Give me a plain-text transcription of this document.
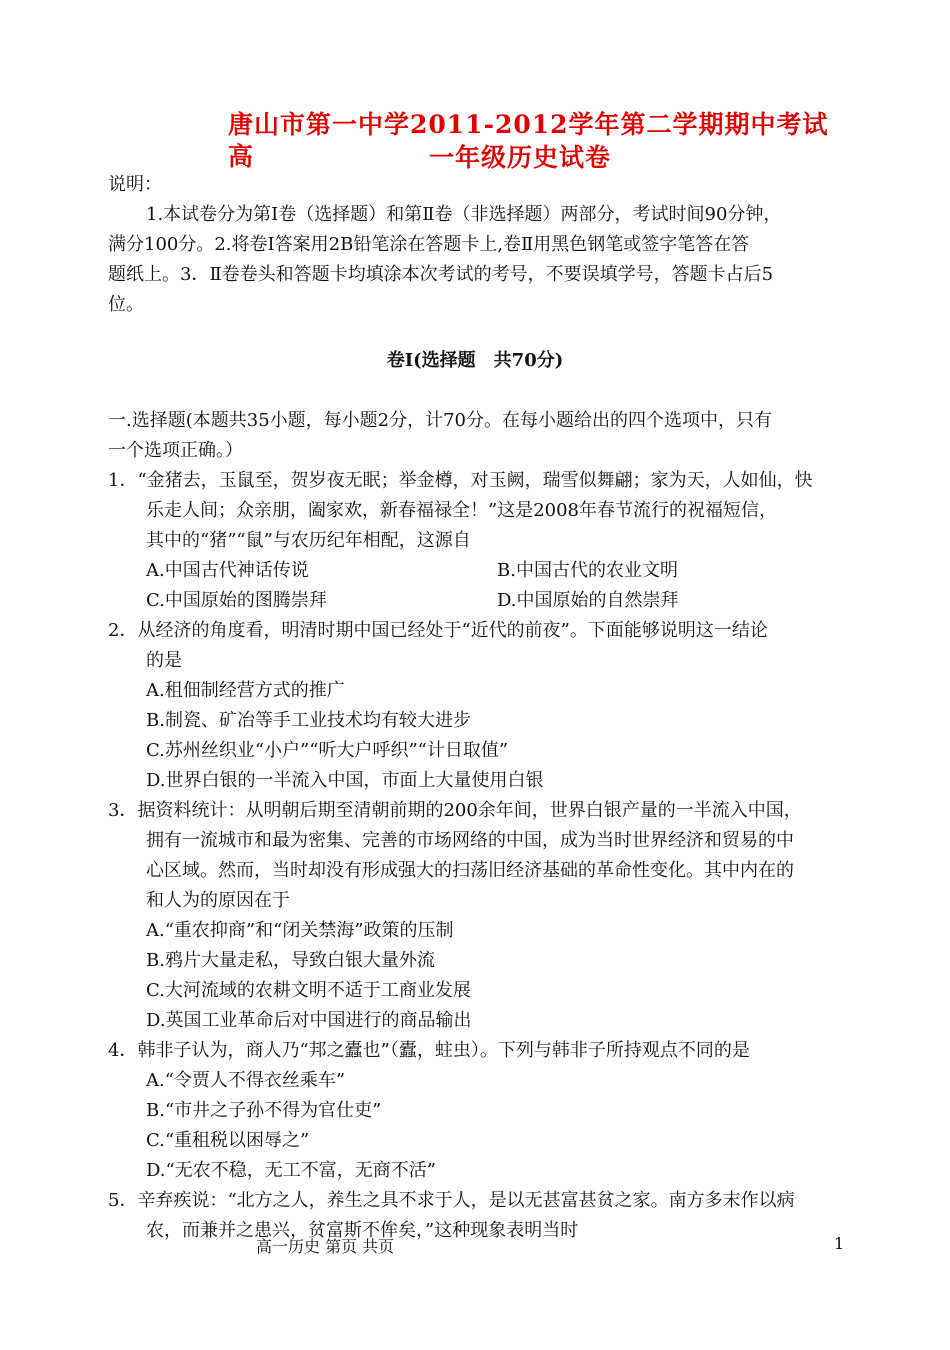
唐山市第一中学2011-2012学年第二学期期中考试高	一年级历史试卷
说明：
1.本试卷分为第Ⅰ卷（选择题）和第Ⅱ卷（非选择题）两部分，考试时间90分钟，
满分100分。2.将卷Ⅰ答案用2B铅笔涂在答题卡上,卷Ⅱ用黑色钢笔或签字笔答在答
题纸上。3．Ⅱ卷卷头和答题卡均填涂本次考试的考号，不要误填学号，答题卡占后5
位。
卷Ⅰ(选择题　共70分)
一.选择题(本题共35小题，每小题2分，计70分。在每小题给出的四个选项中，只有
一个选项正确。）
1．“金猪去，玉鼠至，贺岁夜无眠；举金樽，对玉阙，瑞雪似舞翩；家为天，人如仙，快
乐走人间；众亲朋，阖家欢，新春福禄全！”这是2008年春节流行的祝福短信，
其中的“猪”“鼠”与农历纪年相配，这源自
A.中国古代神话传说	B.中国古代的农业文明
C.中国原始的图腾崇拜	D.中国原始的自然崇拜
2．从经济的角度看，明清时期中国已经处于“近代的前夜”。下面能够说明这一结论
的是
A.租佃制经营方式的推广
B.制瓷、矿冶等手工业技术均有较大进步
C.苏州丝织业“小户”“听大户呼织”“计日取值”
D.世界白银的一半流入中国，市面上大量使用白银
3．据资料统计：从明朝后期至清朝前期的200余年间，世界白银产量的一半流入中国，
拥有一流城市和最为密集、完善的市场网络的中国，成为当时世界经济和贸易的中
心区域。然而，当时却没有形成强大的扫荡旧经济基础的革命性变化。其中内在的
和人为的原因在于
A.“重农抑商”和“闭关禁海”政策的压制
B.鸦片大量走私，导致白银大量外流
C.大河流域的农耕文明不适于工商业发展
D.英国工业革命后对中国进行的商品输出
4．韩非子认为，商人乃“邦之蠹也”（蠹，蛀虫）。下列与韩非子所持观点不同的是
A.“令贾人不得衣丝乘车”
B.“市井之子孙不得为官仕吏”
C.“重租税以困辱之”
D.“无农不稳，无工不富，无商不活”
5．辛弃疾说：“北方之人，养生之具不求于人，是以无甚富甚贫之家。南方多末作以病
农，而兼并之患兴，贫富斯不侔矣，”这种现象表明当时
高一历史 第页 共页	1
